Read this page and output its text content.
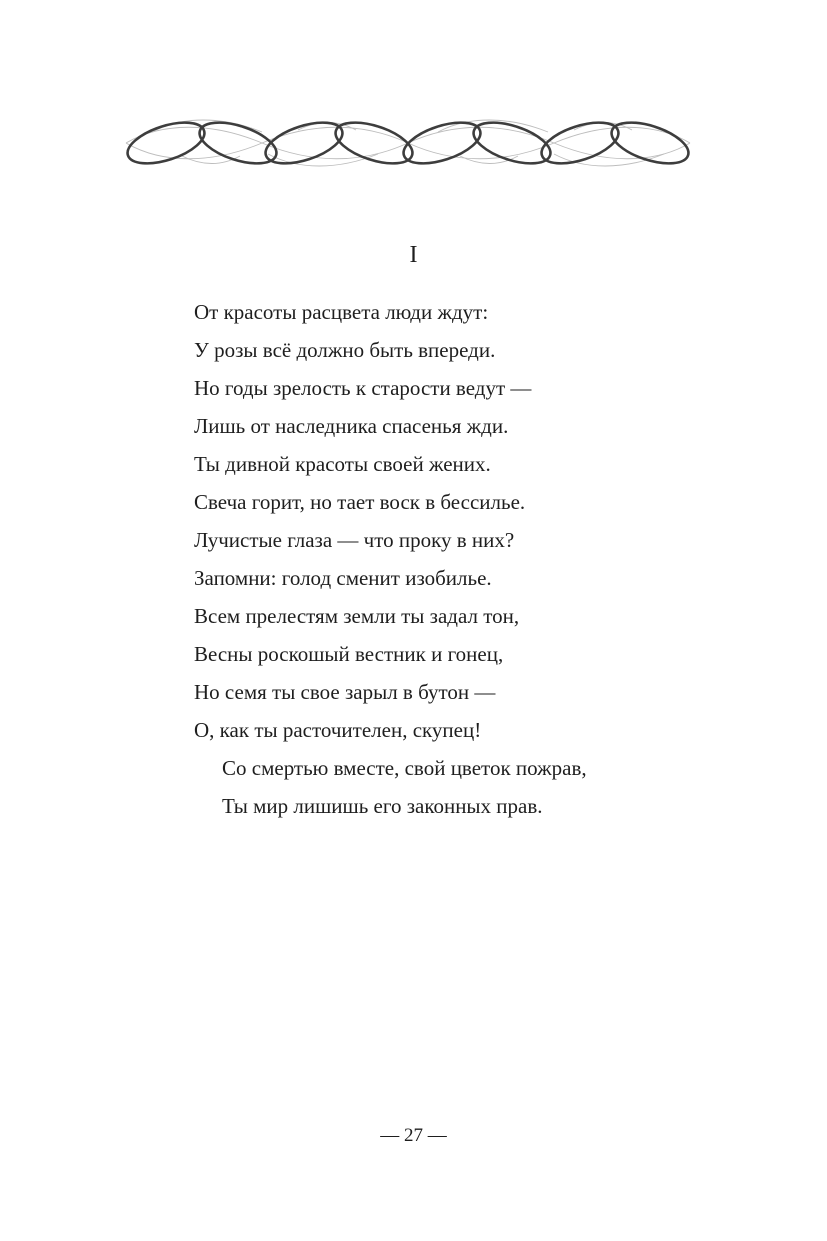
I
От красоты расцвета люди ждут:
У розы всё должно быть впереди.
Но годы зрелость к старости ведут —
Лишь от наследника спасенья жди.
Ты дивной красоты своей жених.
Свеча горит, но тает воск в бессилье.
Лучистые глаза — что проку в них?
Запомни: голод сменит изобилье.
Всем прелестям земли ты задал тон,
Весны роскошый вестник и гонец,
Но семя ты свое зарыл в бутон —
О, как ты расточителен, скупец!
Со смертью вместе, свой цветок пожрав,
Ты мир лишишь его законных прав.
— 27 —
